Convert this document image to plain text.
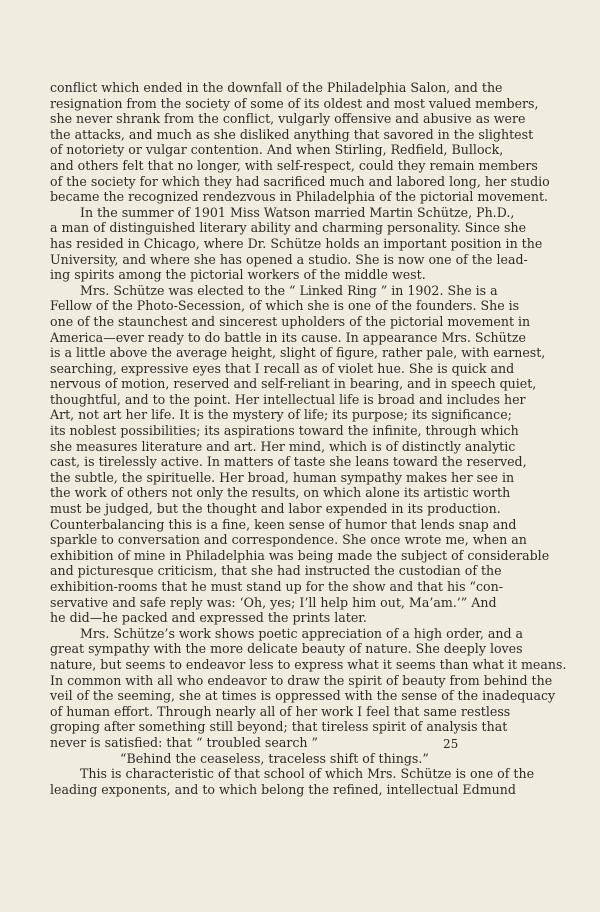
conflict which ended in the downfall of the Philadelphia Salon, and the
resignation from the society of some of its oldest and most valued members,
she never shrank from the conflict, vulgarly offensive and abusive as were
the attacks, and much as she disliked anything that savored in the slightest
of notoriety or vulgar contention. And when Stirling, Redfield, Bullock,
and others felt that no longer, with self-respect, could they remain members
of the society for which they had sacrificed much and labored long, her studio
became the recognized rendezvous in Philadelphia of the pictorial movement.
In the summer of 1901 Miss Watson married Martin Schütze, Ph.D.,
a man of distinguished literary ability and charming personality. Since she
has resided in Chicago, where Dr. Schütze holds an important position in the
University, and where she has opened a studio. She is now one of the lead-
ing spirits among the pictorial workers of the middle west.
Mrs. Schütze was elected to the “ Linked Ring ” in 1902. She is a
Fellow of the Photo-Secession, of which she is one of the founders. She is
one of the staunchest and sincerest upholders of the pictorial movement in
America—ever ready to do battle in its cause. In appearance Mrs. Schütze
is a little above the average height, slight of figure, rather pale, with earnest,
searching, expressive eyes that I recall as of violet hue. She is quick and
nervous of motion, reserved and self-reliant in bearing, and in speech quiet,
thoughtful, and to the point. Her intellectual life is broad and includes her
Art, not art her life. It is the mystery of life; its purpose; its significance;
its noblest possibilities; its aspirations toward the infinite, through which
she measures literature and art. Her mind, which is of distinctly analytic
cast, is tirelessly active. In matters of taste she leans toward the reserved,
the subtle, the spirituelle. Her broad, human sympathy makes her see in
the work of others not only the results, on which alone its artistic worth
must be judged, but the thought and labor expended in its production.
Counterbalancing this is a fine, keen sense of humor that lends snap and
sparkle to conversation and correspondence. She once wrote me, when an
exhibition of mine in Philadelphia was being made the subject of considerable
and picturesque criticism, that she had instructed the custodian of the
exhibition-rooms that he must stand up for the show and that his “con-
servative and safe reply was: ‘Oh, yes; I’ll help him out, Ma’am.’” And
he did—he packed and expressed the prints later.
Mrs. Schütze’s work shows poetic appreciation of a high order, and a
great sympathy with the more delicate beauty of nature. She deeply loves
nature, but seems to endeavor less to express what it seems than what it means.
In common with all who endeavor to draw the spirit of beauty from behind the
veil of the seeming, she at times is oppressed with the sense of the inadequacy
of human effort. Through nearly all of her work I feel that same restless
groping after something still beyond; that tireless spirit of analysis that
never is satisfied: that “ troubled search ”
“Behind the ceaseless, traceless shift of things.”
This is characteristic of that school of which Mrs. Schütze is one of the
leading exponents, and to which belong the refined, intellectual Edmund
25
